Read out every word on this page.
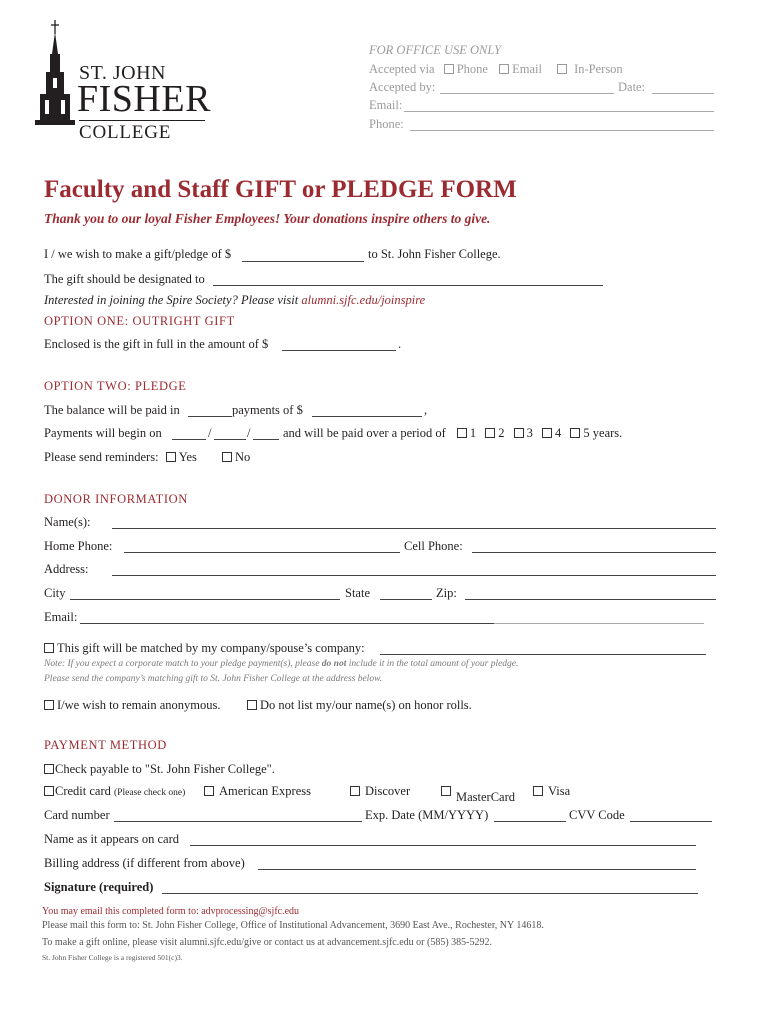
ST. JOHN
FISHER
COLLEGE
FOR OFFICE USE ONLY
Accepted via Phone Email	In-Person
Accepted by:	Date:
Email:
Phone:
Faculty and Staff GIFT or PLEDGE FORM
Thank you to our loyal Fisher Employees! Your donations inspire others to give.
I / we wish to make a gift/pledge of $	to St. John Fisher College.
The gift should be designated to
Interested in joining the Spire Society? Please visit alumni.sjfc.edu/joinspire
OPTION ONE: OUTRIGHT GIFT
Enclosed is the gift in full in the amount of $	.
OPTION TWO: PLEDGE
The balance will be paid in	payments of $	,
Payments will begin on	/	/	and will be paid over a period of 1 2 3 4 5 years.
Please send reminders: Yes	No
DONOR INFORMATION
Name(s):
Home Phone:	Cell Phone:
Address:
City	State	Zip:
Email:
This gift will be matched by my company/spouse’s company:
Note: If you expect a corporate match to your pledge payment(s), please do not include it in the total amount of your pledge.
Please send the company’s matching gift to St. John Fisher College at the address below.
I/we wish to remain anonymous.	Do not list my/our name(s) on honor rolls.
PAYMENT METHOD
Check payable to "St. John Fisher College".
Credit card (Please check one)	American Express	Discover	MasterCard	Visa
Card number	Exp. Date (MM/YYYY)	CVV Code
Name as it appears on card
Billing address (if different from above)
Signature (required)
You may email this completed form to: advprocessing@sjfc.edu
Please mail this form to: St. John Fisher College, Office of Institutional Advancement, 3690 East Ave., Rochester, NY 14618.
To make a gift online, please visit alumni.sjfc.edu/give or contact us at advancement.sjfc.edu or (585) 385-5292.
St. John Fisher College is a registered 501(c)3.
